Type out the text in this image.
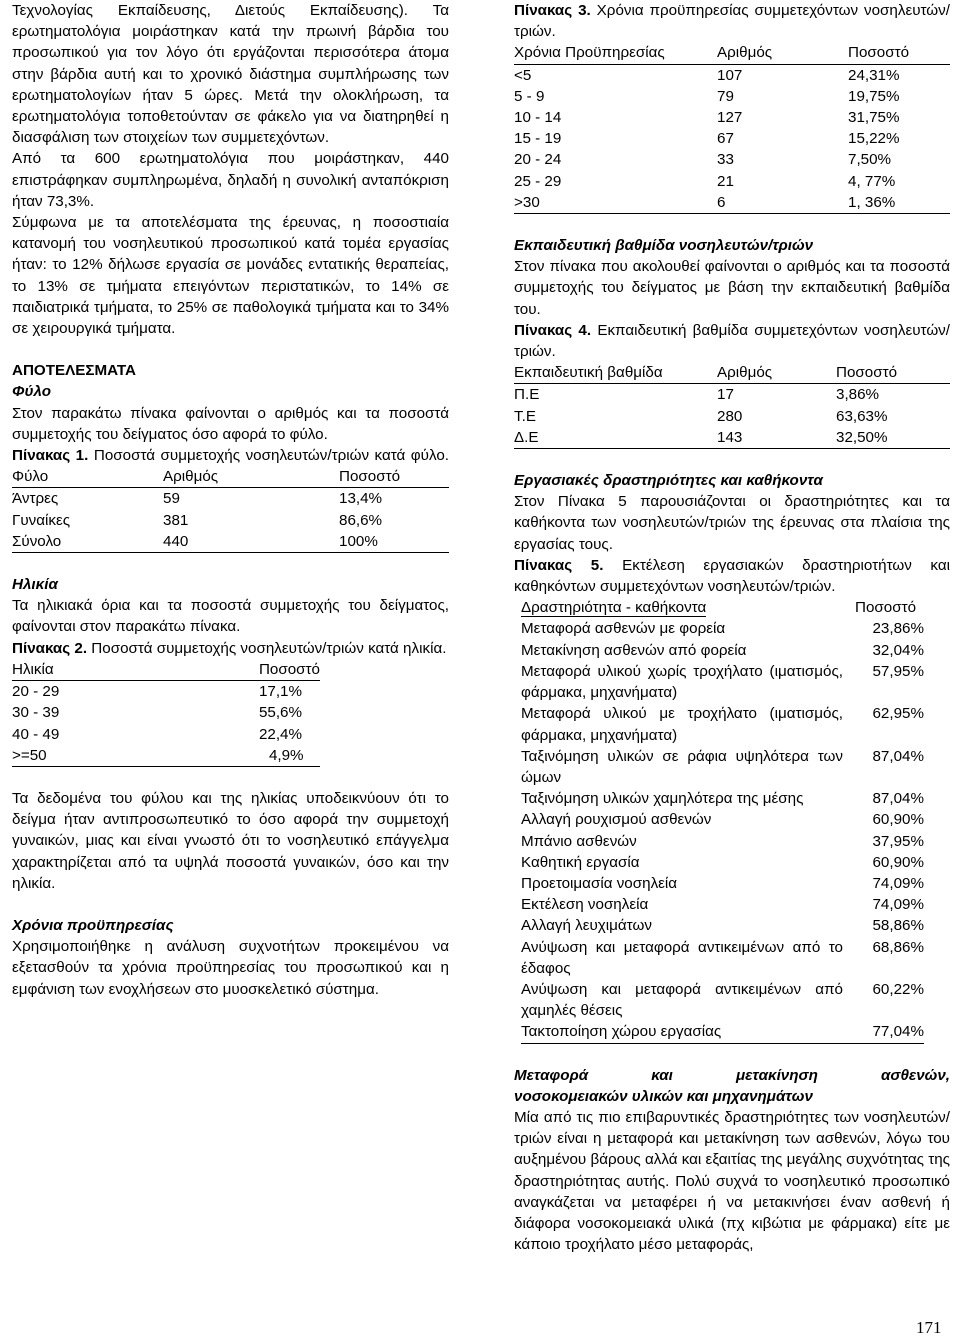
Τεχνολογίας Εκπαίδευσης, Διετούς Εκπαίδευσης). Τα ερωτηματολόγια μοιράστηκαν κατά την πρωινή βάρδια του προσωπικού για τον λόγο ότι εργάζονται περισσότερα άτομα στην βάρδια αυτή και το χρονικό διάστημα συμπλήρωσης των ερωτηματολογίων ήταν 5 ώρες. Μετά την ολοκλήρωση, τα ερωτηματολόγια τοποθετούνταν σε φάκελο για να διατηρηθεί η διασφάλιση των στοιχείων των συμμετεχόντων.

Από τα 600 ερωτηματολόγια που μοιράστηκαν, 440 επιστράφηκαν συμπληρωμένα, δηλαδή η συνολική ανταπόκριση ήταν 73,3%.

Σύμφωνα με τα αποτελέσματα της έρευνας, η ποσοστιαία κατανομή του νοσηλευτικού προσωπικού κατά τομέα εργασίας ήταν: το 12% δήλωσε εργασία σε μονάδες εντατικής θεραπείας, το 13% σε τμήματα επειγόντων περιστατικών, το 14% σε παιδιατρικά τμήματα, το 25% σε παθολογικά τμήματα και το 34% σε χειρουργικά τμήματα.

ΑΠΟΤΕΛΕΣΜΑΤΑ

Φύλο

Στον παρακάτω πίνακα φαίνονται ο αριθμός και τα ποσοστά συμμετοχής του δείγματος όσο αφορά το φύλο.

Πίνακας 1. Ποσοστά συμμετοχής νοσηλευτών/τριών κατά φύλο.

Φύλο	Αριθμός	Ποσοστό
Άντρες	59	13,4%
Γυναίκες	381	86,6%
Σύνολο	440	100%

Ηλικία

Τα ηλικιακά όρια και τα ποσοστά συμμετοχής του δείγματος, φαίνονται στον παρακάτω πίνακα.

Πίνακας 2. Ποσοστά συμμετοχής νοσηλευτών/τριών κατά ηλικία.

Ηλικία	Ποσοστό
20 - 29	17,1%
30 - 39	55,6%
40 - 49	22,4%
>=50	4,9%

Τα δεδομένα του φύλου και της ηλικίας υποδεικνύουν ότι το δείγμα ήταν αντιπροσωπευτικό το όσο αφορά την συμμετοχή γυναικών, μιας και είναι γνωστό ότι το νοσηλευτικό επάγγελμα χαρακτηρίζεται από τα υψηλά ποσοστά γυναικών, όσο και την ηλικία.

Χρόνια προϋπηρεσίας

Χρησιμοποιήθηκε η ανάλυση συχνοτήτων προκειμένου να εξετασθούν τα χρόνια προϋπηρεσίας του προσωπικού και η εμφάνιση των ενοχλήσεων στο μυοσκελετικό σύστημα.

Πίνακας 3. Χρόνια προϋπηρεσίας συμμετεχόντων νοσηλευτών/τριών.

Χρόνια Προϋπηρεσίας	Αριθμός	Ποσοστό
<5	107	24,31%
5 - 9	79	19,75%
10 - 14	127	31,75%
15 - 19	67	15,22%
20 - 24	33	7,50%
25 - 29	21	4, 77%
>30	6	1, 36%

Εκπαιδευτική βαθμίδα νοσηλευτών/τριών

Στον πίνακα που ακολουθεί φαίνονται ο αριθμός και τα ποσοστά συμμετοχής του δείγματος με βάση την εκπαιδευτική βαθμίδα του.

Πίνακας 4. Εκπαιδευτική βαθμίδα συμμετεχόντων νοσηλευτών/τριών.

Εκπαιδευτική βαθμίδα	Αριθμός	Ποσοστό
Π.Ε	17	3,86%
Τ.Ε	280	63,63%
Δ.Ε	143	32,50%

Εργασιακές δραστηριότητες και καθήκοντα

Στον Πίνακα 5 παρουσιάζονται οι δραστηριότητες και τα καθήκοντα των νοσηλευτών/τριών της έρευνας στα πλαίσια της εργασίας τους.

Πίνακας 5. Εκτέλεση εργασιακών δραστηριοτήτων και καθηκόντων συμμετεχόντων νοσηλευτών/τριών.

Δραστηριότητα - καθήκοντα	Ποσοστό
Μεταφορά ασθενών με φορεία	23,86%
Μετακίνηση ασθενών από φορεία	32,04%
Μεταφορά υλικού χωρίς τροχήλατο (ιματισμός, φάρμακα, μηχανήματα)	57,95%
Μεταφορά υλικού με τροχήλατο (ιματισμός, φάρμακα, μηχανήματα)	62,95%
Ταξινόμηση υλικών σε ράφια υψηλότερα των ώμων	87,04%
Ταξινόμηση υλικών χαμηλότερα της μέσης	87,04%
Αλλαγή ρουχισμού ασθενών	60,90%
Μπάνιο ασθενών	37,95%
Καθητική εργασία	60,90%
Προετοιμασία νοσηλεία	74,09%
Εκτέλεση νοσηλεία	74,09%
Αλλαγή λευχιμάτων	58,86%
Ανύψωση και μεταφορά αντικειμένων από το έδαφος	68,86%
Ανύψωση και μεταφορά αντικειμένων από χαμηλές θέσεις	60,22%
Τακτοποίηση χώρου εργασίας	77,04%

Μεταφορά και μετακίνηση ασθενών,

νοσοκομειακών υλικών και μηχανημάτων

Μία από τις πιο επιβαρυντικές δραστηριότητες των νοσηλευτών/τριών είναι η μεταφορά και μετακίνηση των ασθενών, λόγω του αυξημένου βάρους αλλά και εξαιτίας της μεγάλης συχνότητας της δραστηριότητας αυτής. Πολύ συχνά το νοσηλευτικό προσωπικό αναγκάζεται να μεταφέρει ή να μετακινήσει έναν ασθενή ή διάφορα νοσοκομειακά υλικά (πχ κιβώτια με φάρμακα) είτε με κάποιο τροχήλατο μέσο μεταφοράς,

171
